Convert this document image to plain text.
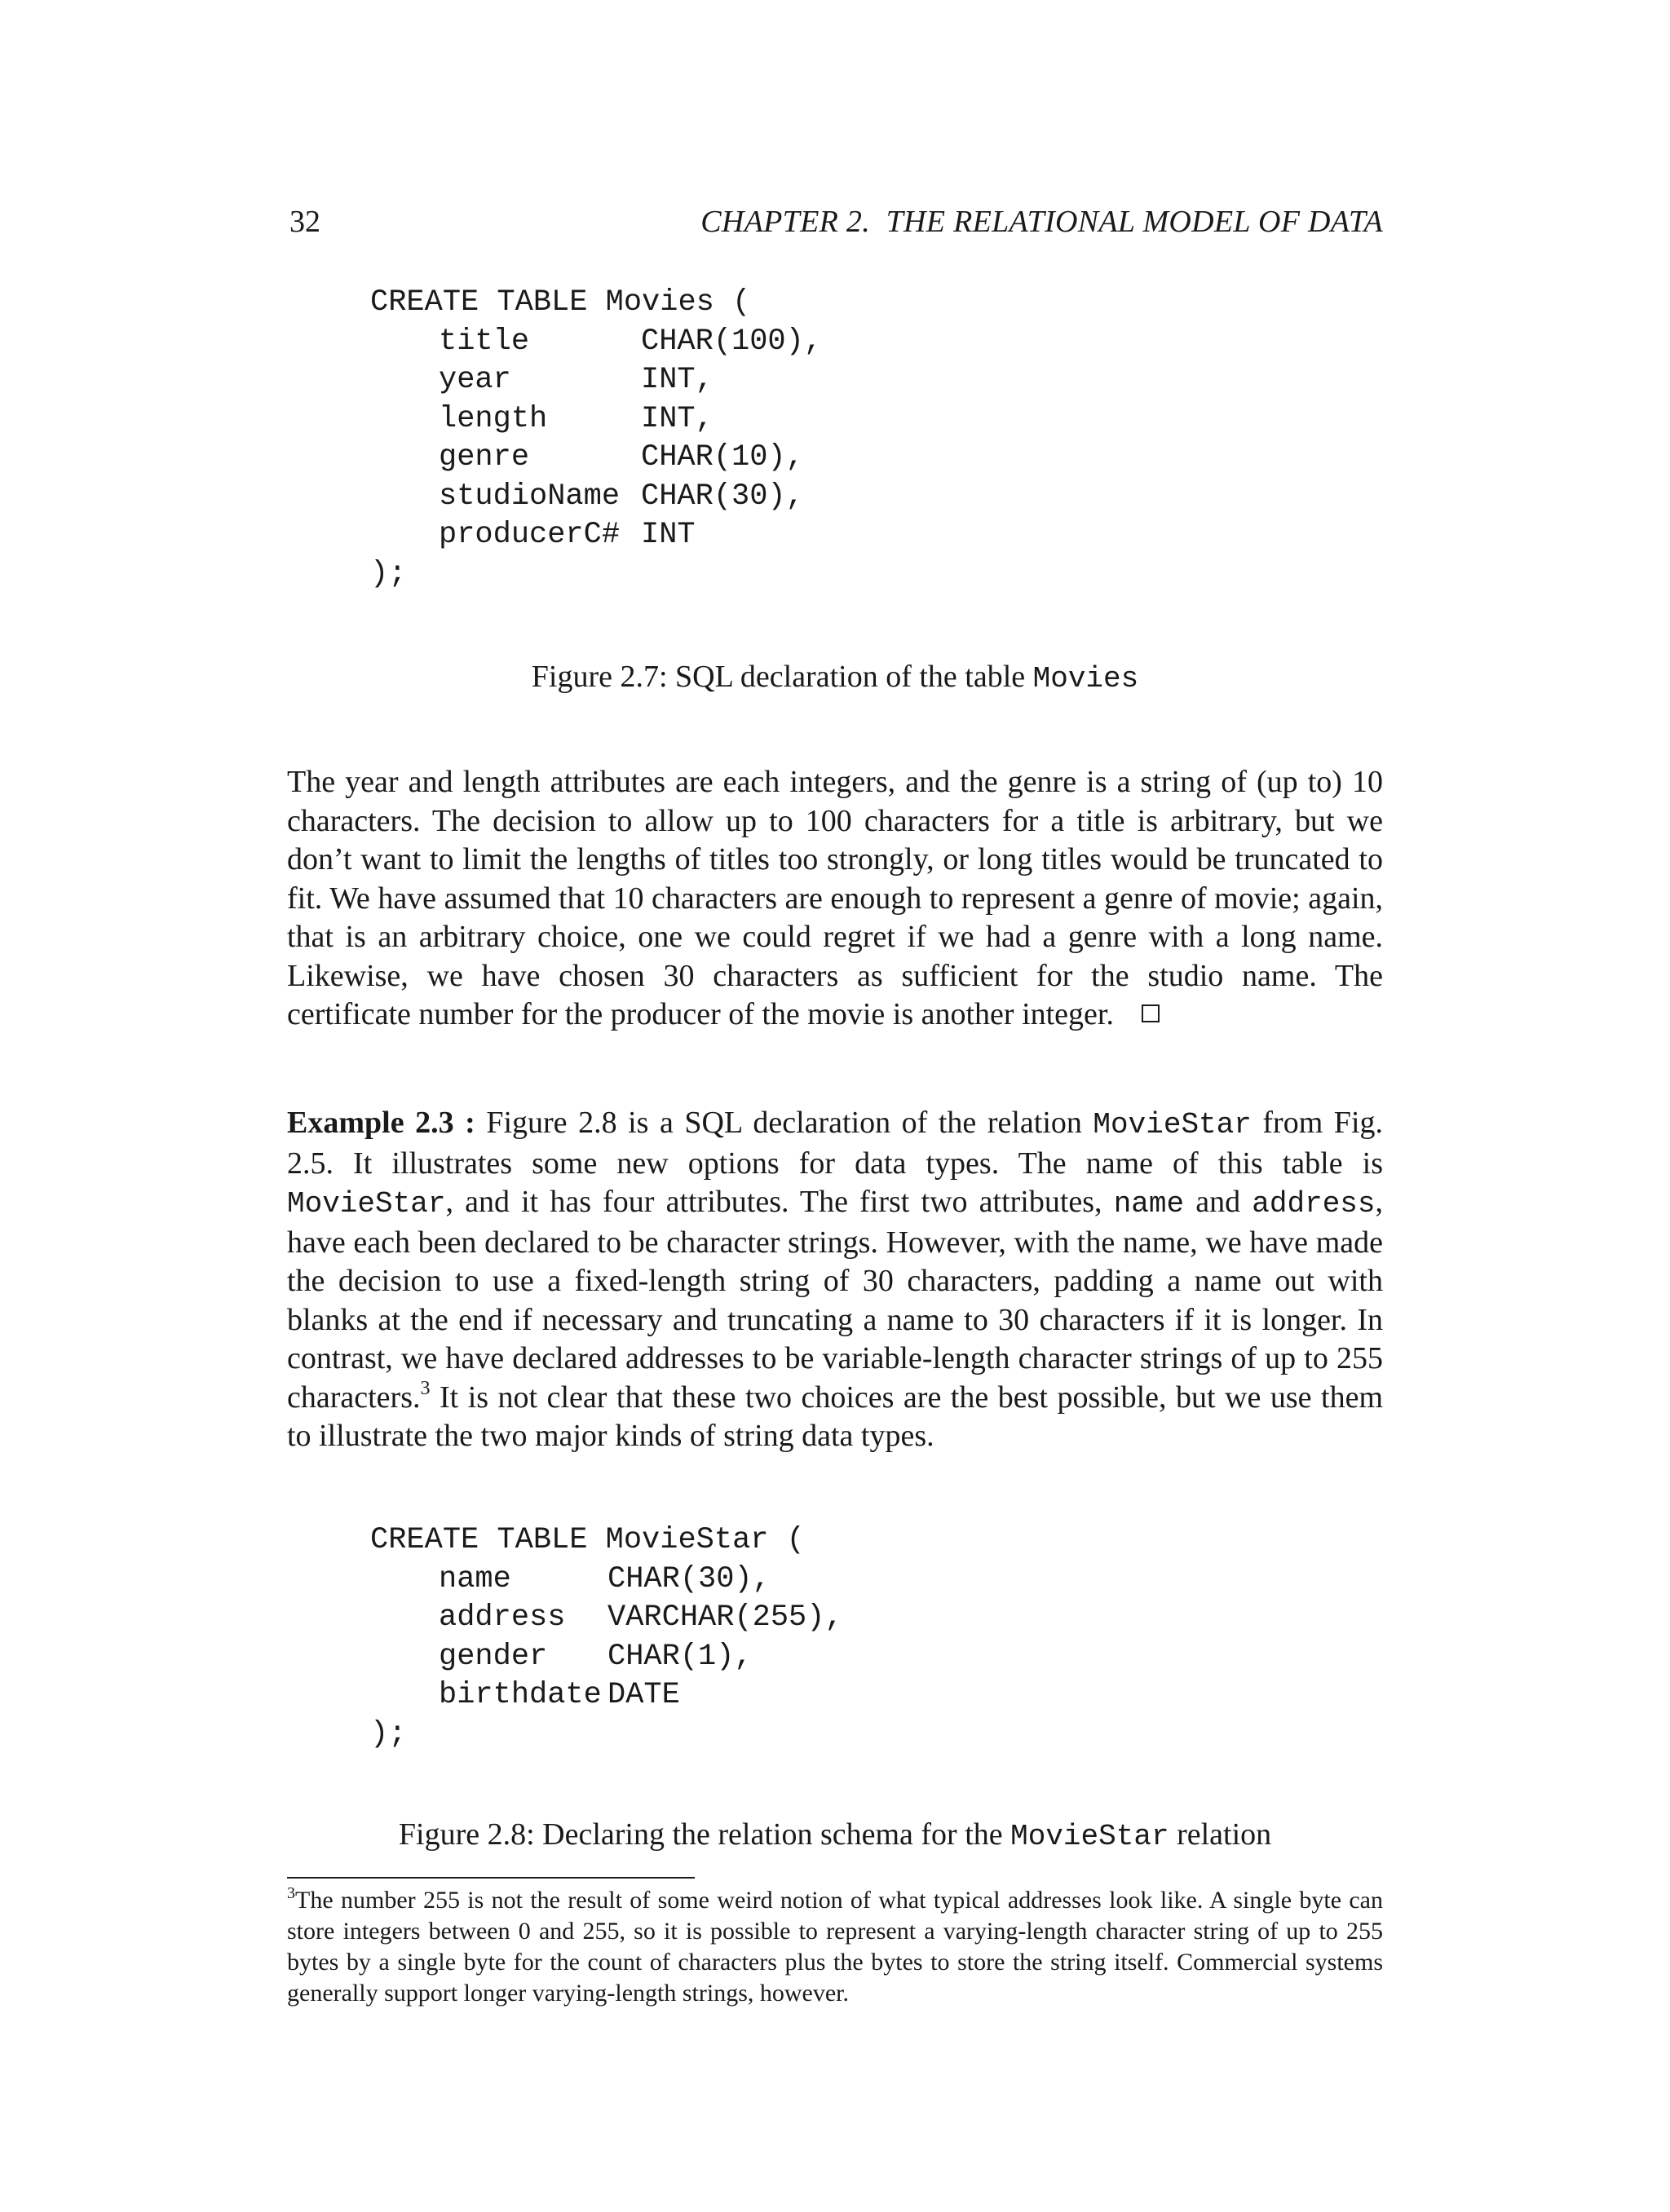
32	CHAPTER 2.  THE RELATIONAL MODEL OF DATA
CREATE TABLE Movies (
title	CHAR(100),
year	INT,
length	INT,
genre	CHAR(10),
studioName CHAR(30),
producerC# INT
);
Figure 2.7: SQL declaration of the table Movies
The year and length attributes are each integers, and the genre is a string of (up to) 10 characters. The decision to allow up to 100 characters for a title is arbitrary, but we don’t want to limit the lengths of titles too strongly, or long titles would be truncated to fit. We have assumed that 10 characters are enough to represent a genre of movie; again, that is an arbitrary choice, one we could regret if we had a genre with a long name. Likewise, we have chosen 30 characters as sufficient for the studio name. The certificate number for the producer of the movie is another integer.
Example 2.3 : Figure 2.8 is a SQL declaration of the relation MovieStar from Fig. 2.5. It illustrates some new options for data types. The name of this table is MovieStar, and it has four attributes. The first two attributes, name and address, have each been declared to be character strings. However, with the name, we have made the decision to use a fixed-length string of 30 characters, padding a name out with blanks at the end if necessary and truncating a name to 30 characters if it is longer. In contrast, we have declared addresses to be variable-length character strings of up to 255 characters.$^3$ It is not clear that these two choices are the best possible, but we use them to illustrate the two major kinds of string data types.
CREATE TABLE MovieStar (
name	CHAR(30),
address VARCHAR(255),
gender CHAR(1),
birthdate DATE
);
Figure 2.8: Declaring the relation schema for the MovieStar relation
$^3$The number 255 is not the result of some weird notion of what typical addresses look like. A single byte can store integers between 0 and 255, so it is possible to represent a varying-length character string of up to 255 bytes by a single byte for the count of characters plus the bytes to store the string itself. Commercial systems generally support longer varying-length strings, however.
